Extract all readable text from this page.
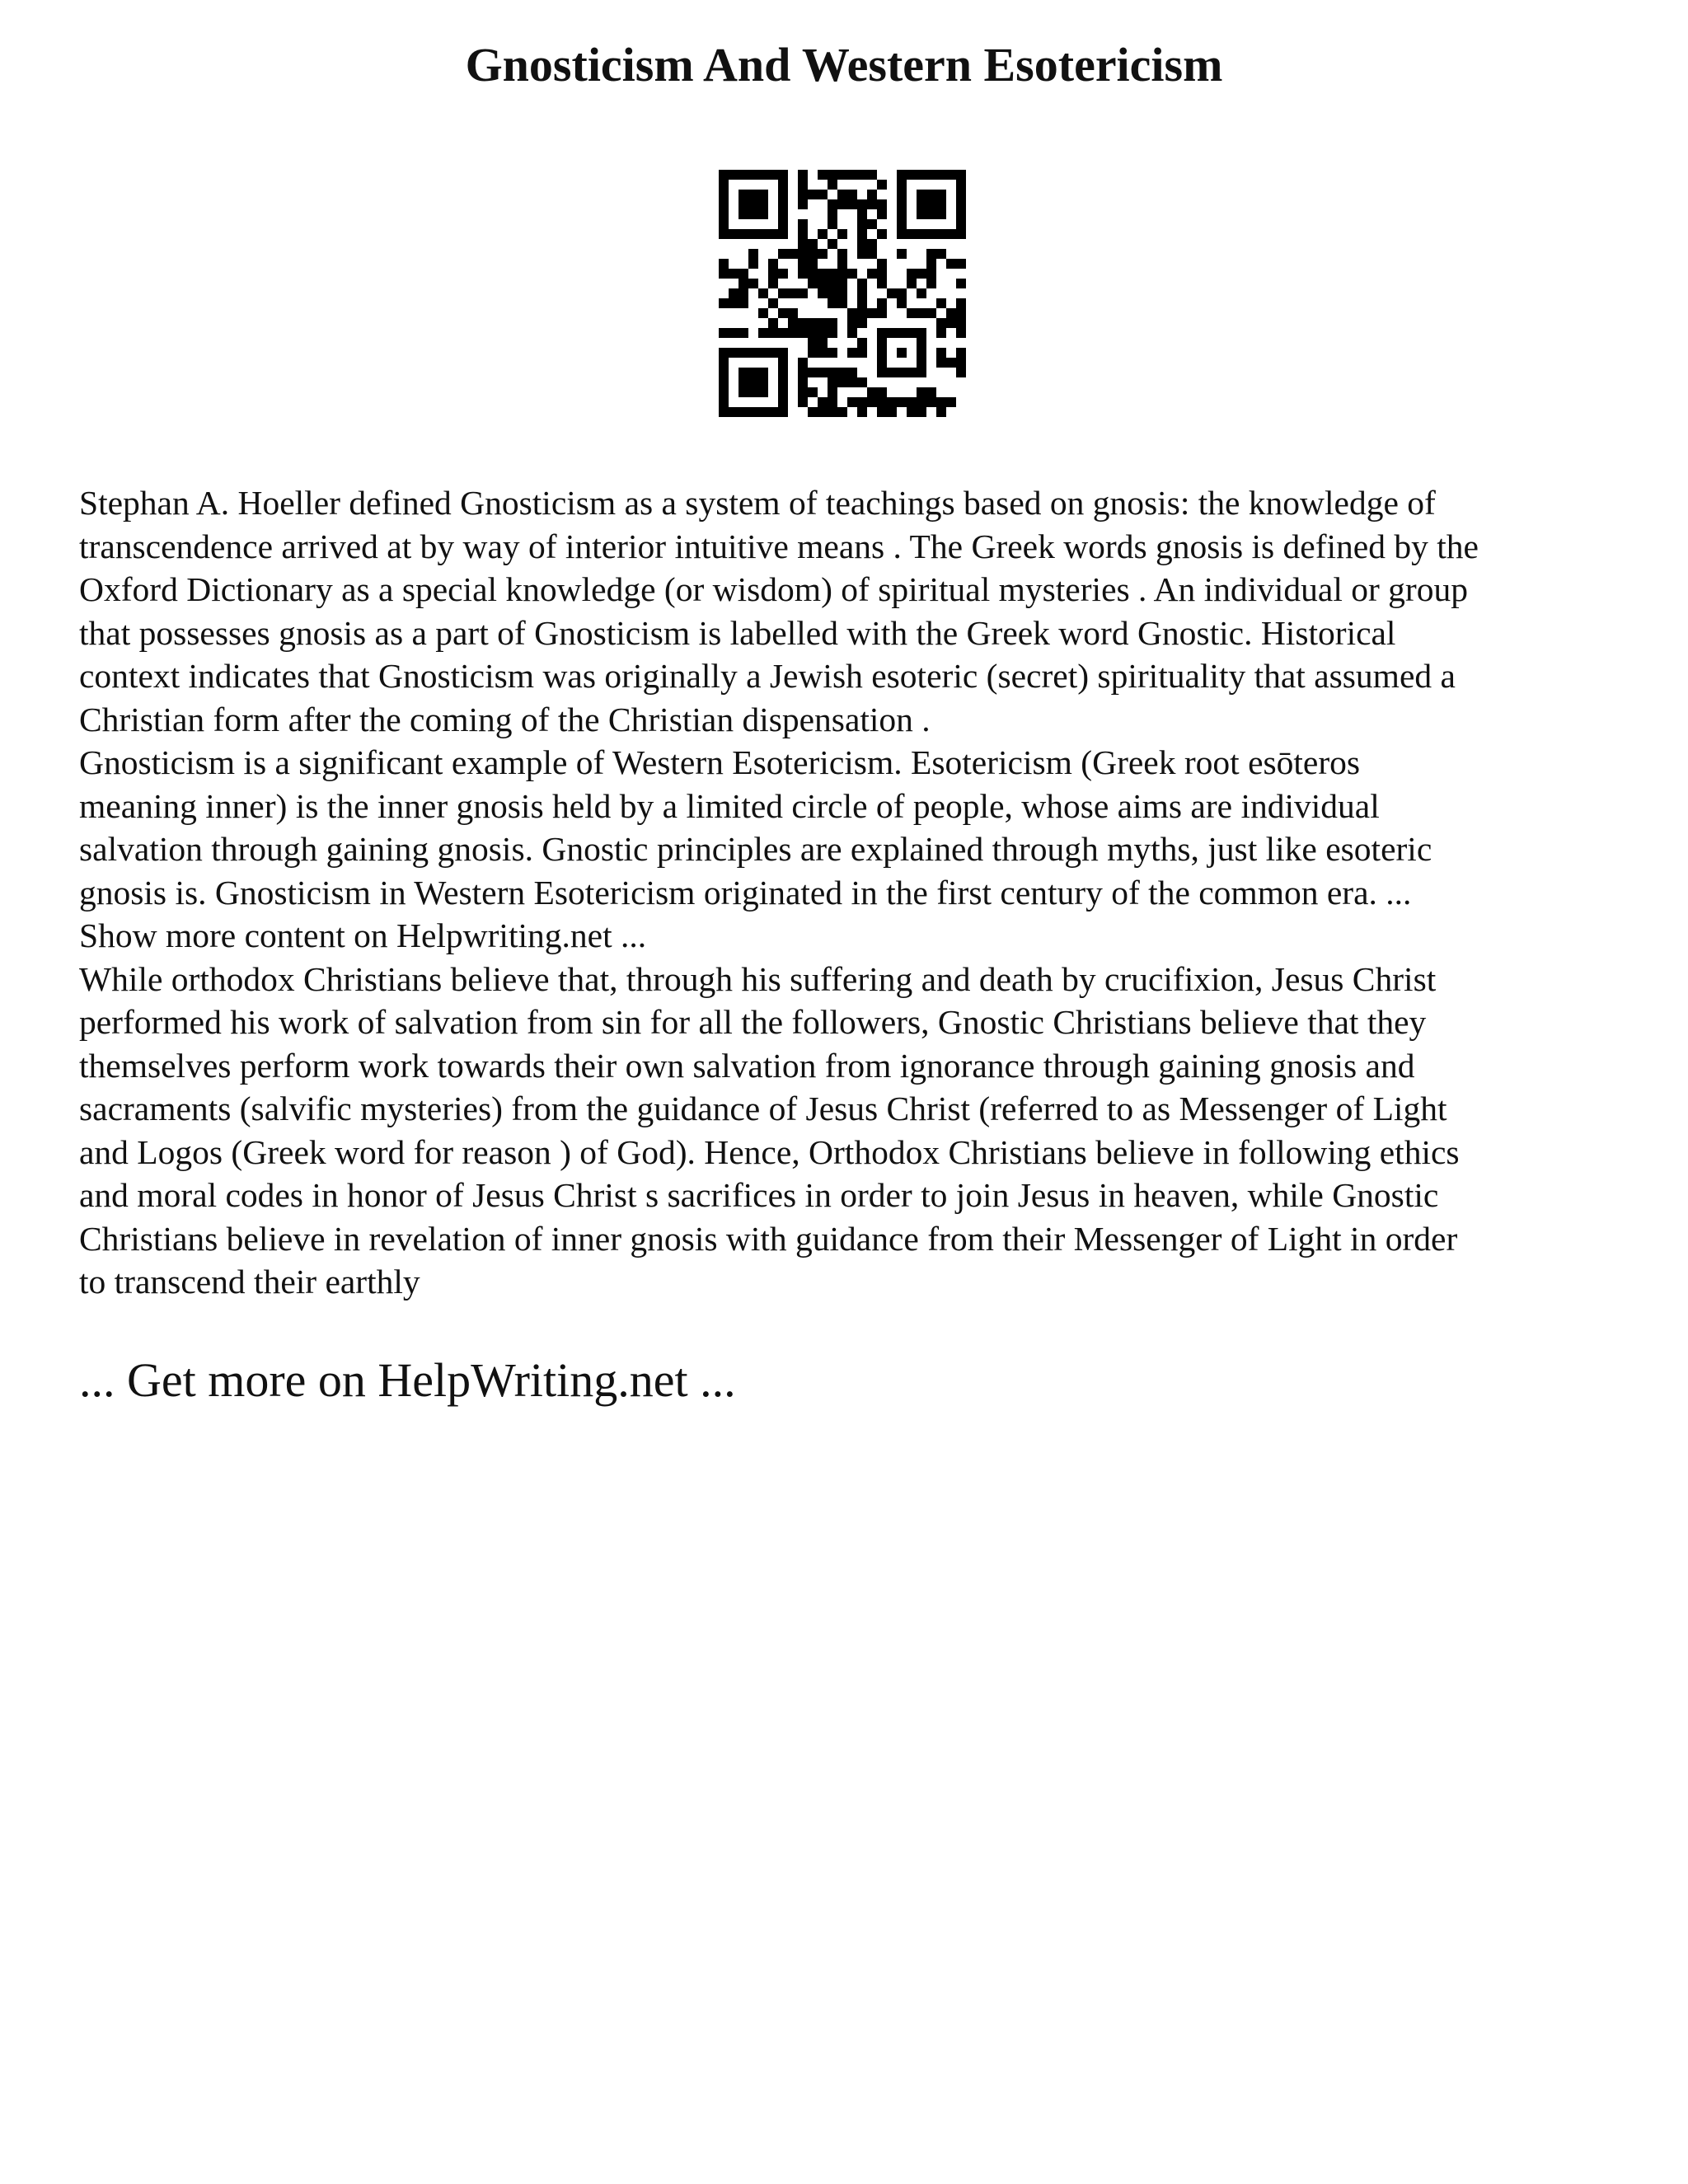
Gnosticism And Western Esotericism

Stephan A. Hoeller defined Gnosticism as a system of teachings based on gnosis: the knowledge of
transcendence arrived at by way of interior intuitive means . The Greek words gnosis is defined by the
Oxford Dictionary as a special knowledge (or wisdom) of spiritual mysteries . An individual or group
that possesses gnosis as a part of Gnosticism is labelled with the Greek word Gnostic. Historical
context indicates that Gnosticism was originally a Jewish esoteric (secret) spirituality that assumed a
Christian form after the coming of the Christian dispensation .

Gnosticism is a significant example of Western Esotericism. Esotericism (Greek root esōteros
meaning inner) is the inner gnosis held by a limited circle of people, whose aims are individual
salvation through gaining gnosis. Gnostic principles are explained through myths, just like esoteric
gnosis is. Gnosticism in Western Esotericism originated in the first century of the common era. ...
Show more content on Helpwriting.net ...

While orthodox Christians believe that, through his suffering and death by crucifixion, Jesus Christ
performed his work of salvation from sin for all the followers, Gnostic Christians believe that they
themselves perform work towards their own salvation from ignorance through gaining gnosis and
sacraments (salvific mysteries) from the guidance of Jesus Christ (referred to as Messenger of Light
and Logos (Greek word for reason ) of God). Hence, Orthodox Christians believe in following ethics
and moral codes in honor of Jesus Christ s sacrifices in order to join Jesus in heaven, while Gnostic
Christians believe in revelation of inner gnosis with guidance from their Messenger of Light in order
to transcend their earthly

... Get more on HelpWriting.net ...
